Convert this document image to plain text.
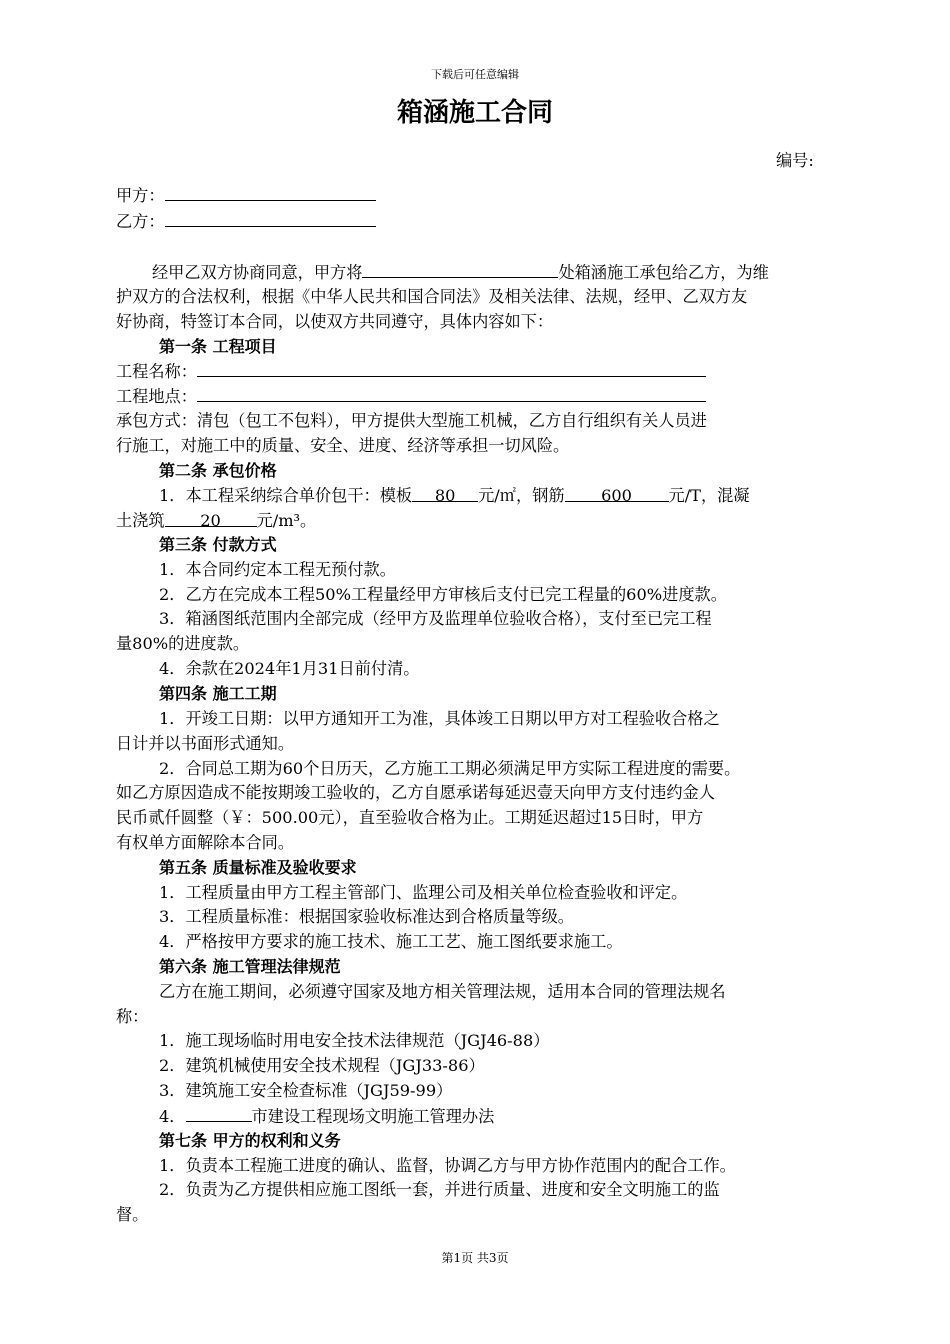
下载后可任意编辑
箱涵施工合同
编号:
甲方：
乙方：
经甲乙双方协商同意，甲方将	处箱涵施工承包给乙方，为维
护双方的合法权利，根据《中华人民共和国合同法》及相关法律、法规，经甲、乙双方友
好协商，特签订本合同，以使双方共同遵守，具体内容如下：
第一条 工程项目
工程名称：
工程地点：
承包方式：清包（包工不包料），甲方提供大型施工机械，乙方自行组织有关人员进
行施工，对施工中的质量、安全、进度、经济等承担一切风险。
第二条 承包价格
1．本工程采纳综合单价包干：模板 80 元/㎡，钢筋 600 元/T，混凝
土浇筑 20 元/m³。
第三条 付款方式
1．本合同约定本工程无预付款。
2．乙方在完成本工程50%工程量经甲方审核后支付已完工程量的60%进度款。
3．箱涵图纸范围内全部完成（经甲方及监理单位验收合格），支付至已完工程
量80%的进度款。
4．余款在2024年1月31日前付清。
第四条 施工工期
1．开竣工日期：以甲方通知开工为准，具体竣工日期以甲方对工程验收合格之
日计并以书面形式通知。
2．合同总工期为60个日历天，乙方施工工期必须满足甲方实际工程进度的需要。
如乙方原因造成不能按期竣工验收的，乙方自愿承诺每延迟壹天向甲方支付违约金人
民币贰仟圆整（￥：500.00元），直至验收合格为止。工期延迟超过15日时，甲方
有权单方面解除本合同。
第五条 质量标准及验收要求
1．工程质量由甲方工程主管部门、监理公司及相关单位检查验收和评定。
3．工程质量标准：根据国家验收标准达到合格质量等级。
4．严格按甲方要求的施工技术、施工工艺、施工图纸要求施工。
第六条 施工管理法律规范
乙方在施工期间，必须遵守国家及地方相关管理法规，适用本合同的管理法规名
称：
1．施工现场临时用电安全技术法律规范（JGJ46-88）
2．建筑机械使用安全技术规程（JGJ33-86）
3．建筑施工安全检查标准（JGJ59-99）
4．	市建设工程现场文明施工管理办法
第七条 甲方的权利和义务
1．负责本工程施工进度的确认、监督，协调乙方与甲方协作范围内的配合工作。
2．负责为乙方提供相应施工图纸一套，并进行质量、进度和安全文明施工的监
督。
第1页 共3页
